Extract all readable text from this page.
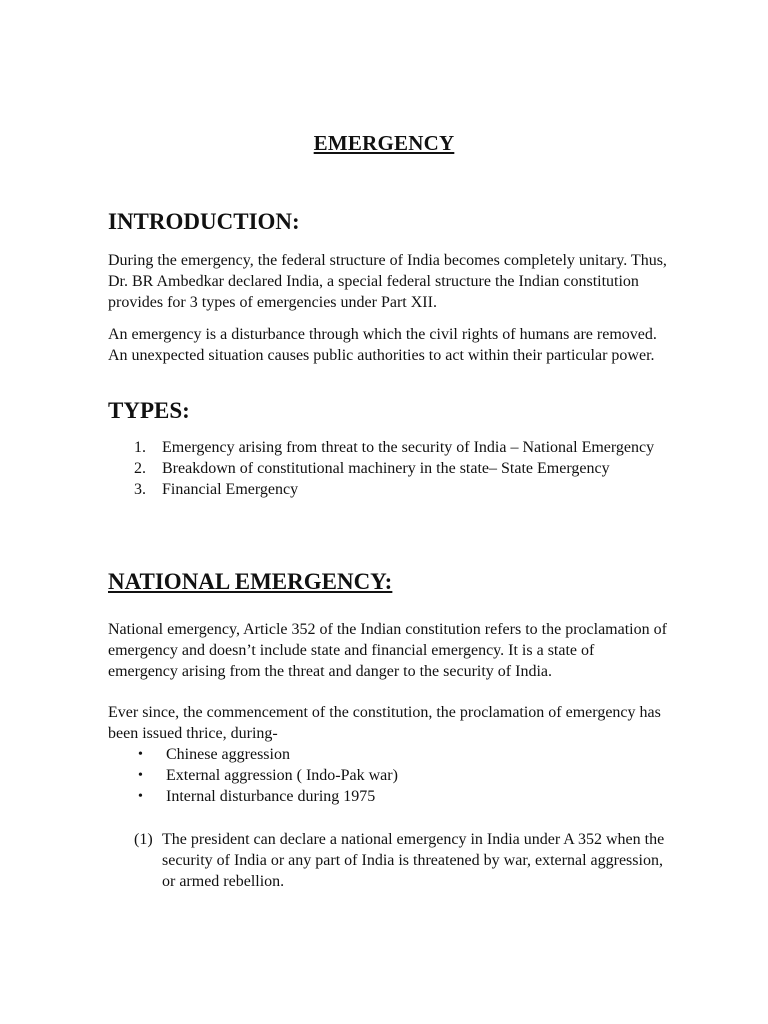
EMERGENCY
INTRODUCTION:

During the emergency, the federal structure of India becomes completely unitary. Thus, Dr. BR Ambedkar declared India, a special federal structure the Indian constitution provides for 3 types of emergencies under Part XII.

An emergency is a disturbance through which the civil rights of humans are removed. An unexpected situation causes public authorities to act within their particular power.

TYPES:
1. Emergency arising from threat to the security of India – National Emergency
2. Breakdown of constitutional machinery in the state– State Emergency
3. Financial Emergency
NATIONAL EMERGENCY:

National emergency, Article 352 of the Indian constitution refers to the proclamation of emergency and doesn’t include state and financial emergency. It is a state of emergency arising from the threat and danger to the security of India.

Ever since, the commencement of the constitution, the proclamation of emergency has been issued thrice, during-

• Chinese aggression
• External aggression ( Indo-Pak war)
• Internal disturbance during 1975
(1) The president can declare a national emergency in India under A 352 when the security of India or any part of India is threatened by war, external aggression, or armed rebellion.
